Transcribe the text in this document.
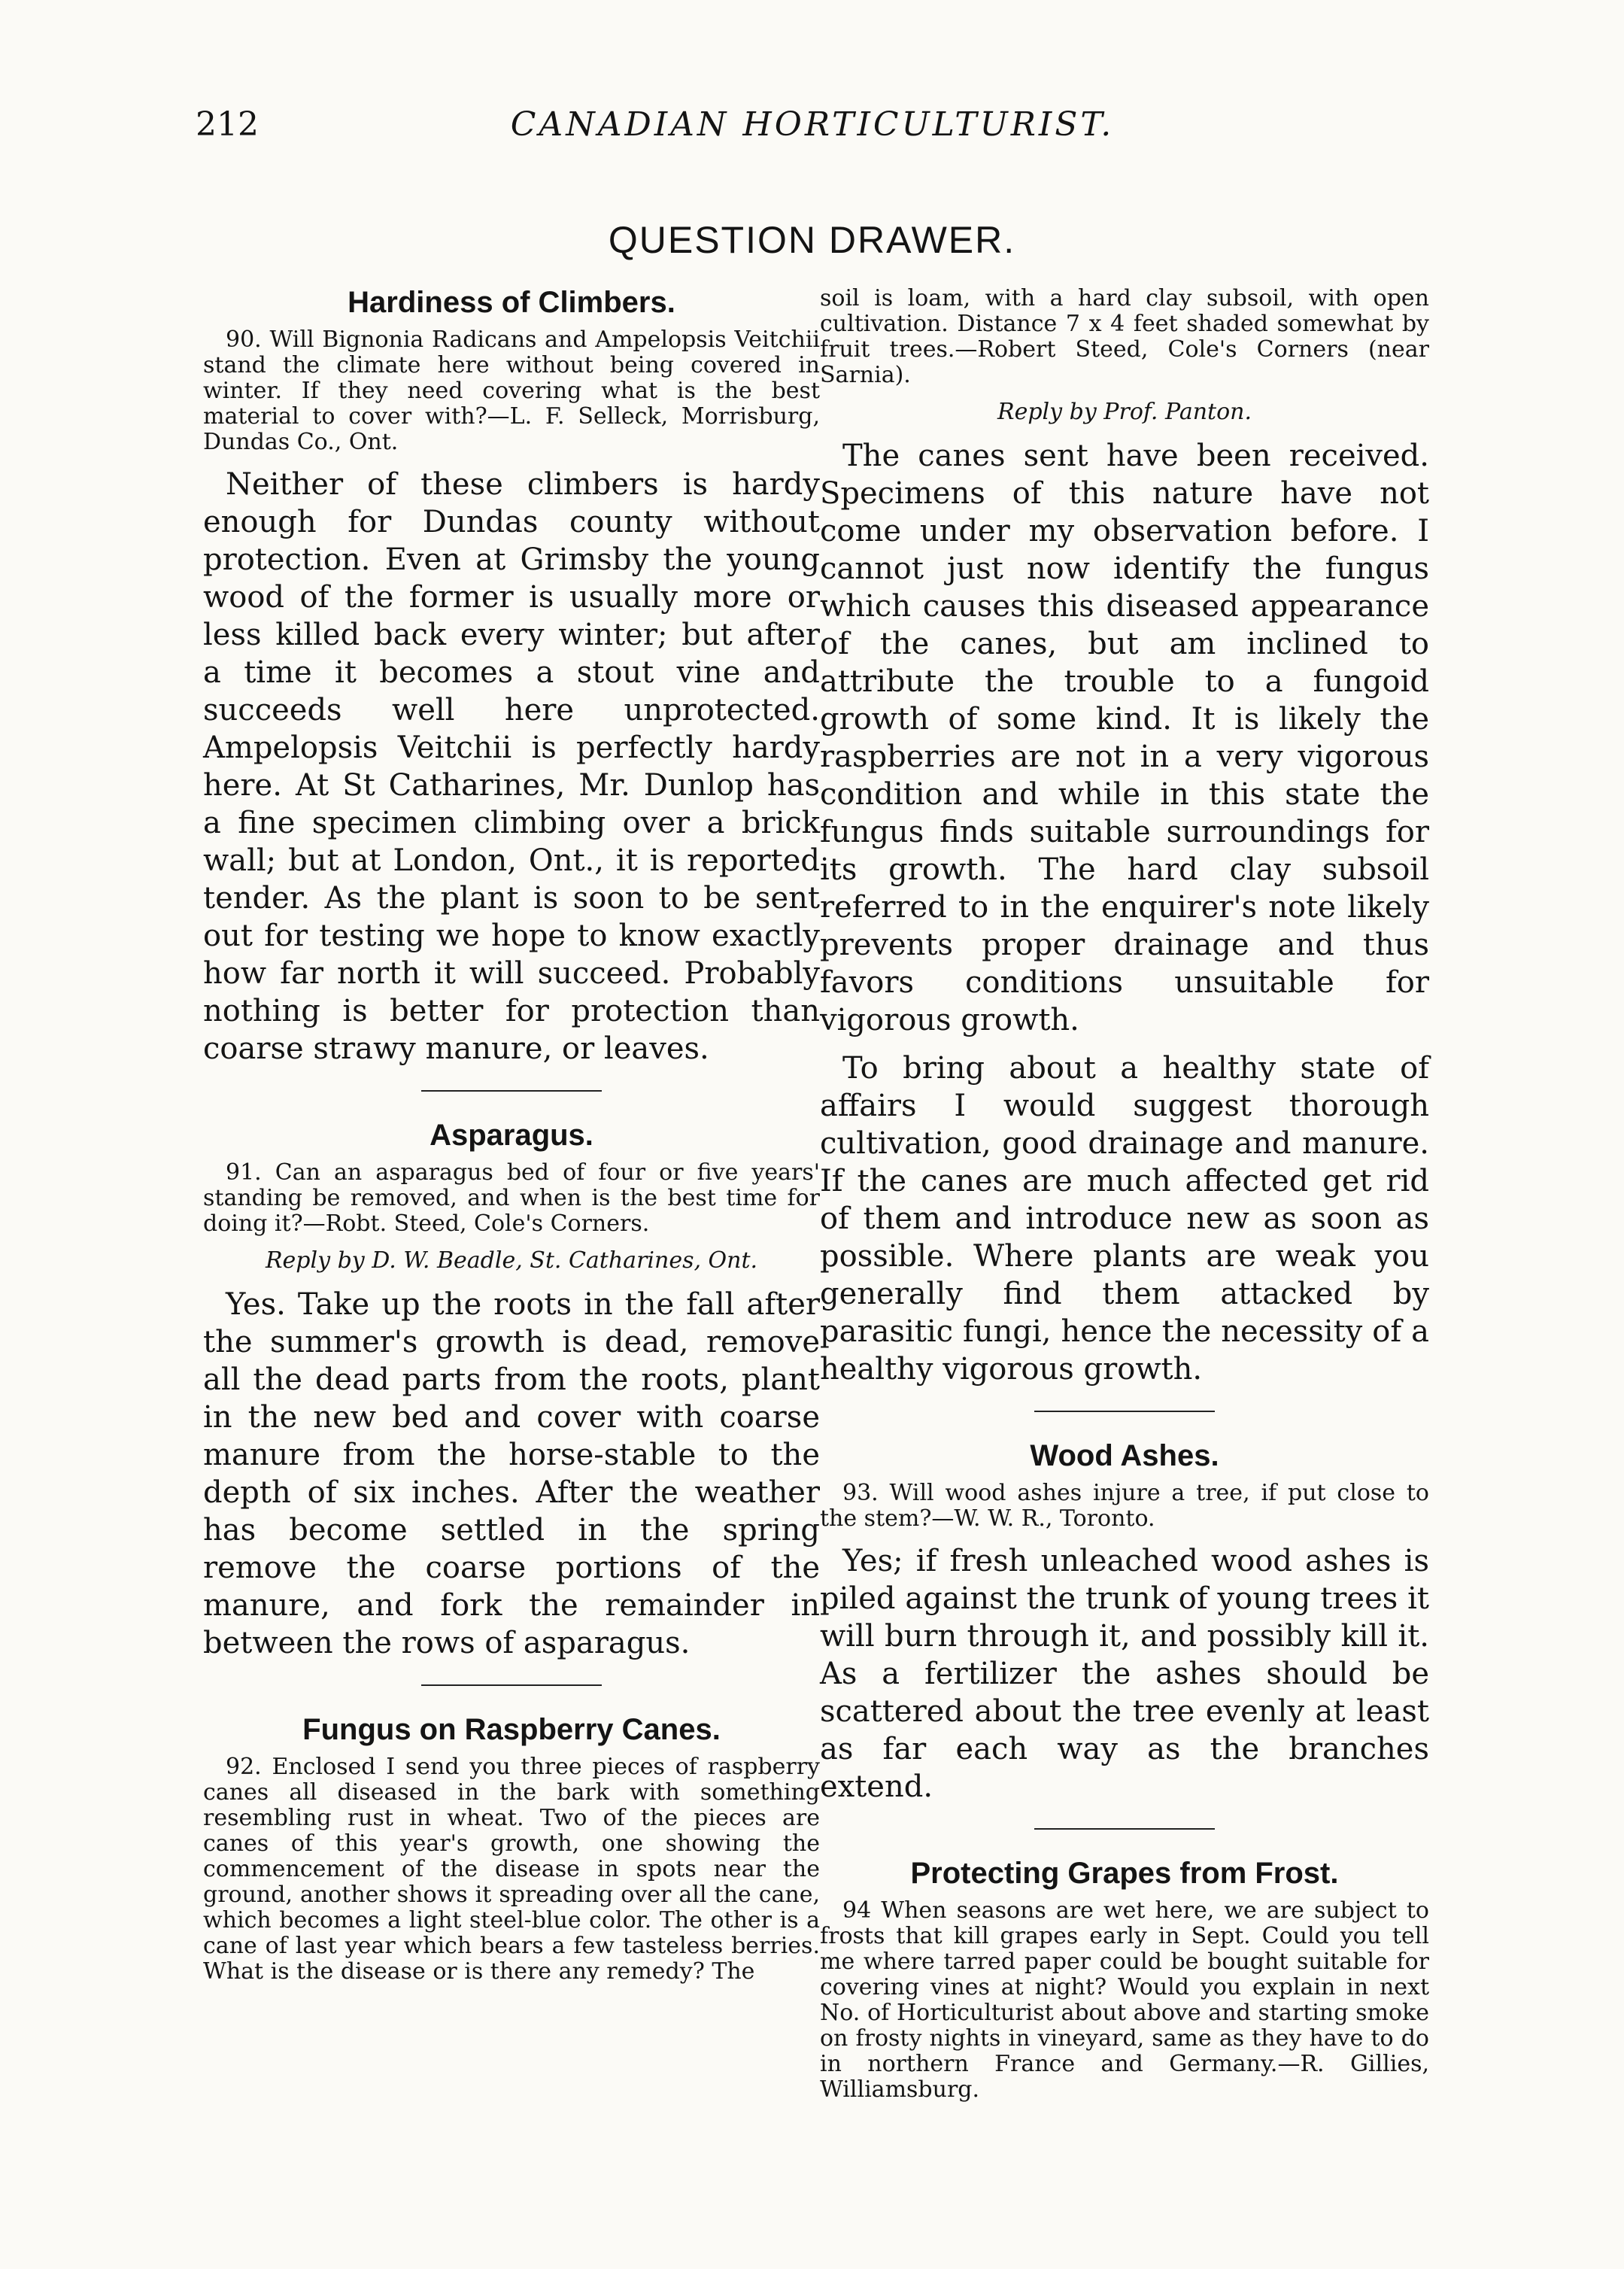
212	CANADIAN HORTICULTURIST.
QUESTION DRAWER.
Hardiness of Climbers.

90. Will Bignonia Radicans and Ampelopsis Veitchii stand the climate here without being covered in winter. If they need covering what is the best material to cover with?—L. F. Selleck, Morrisburg, Dundas Co., Ont.

Neither of these climbers is hardy enough for Dundas county without protection. Even at Grimsby the young wood of the former is usually more or less killed back every winter; but after a time it becomes a stout vine and succeeds well here unprotected. Ampelopsis Veitchii is perfectly hardy here. At St Catharines, Mr. Dunlop has a fine specimen climbing over a brick wall; but at London, Ont., it is reported tender. As the plant is soon to be sent out for testing we hope to know exactly how far north it will succeed. Probably nothing is better for protection than coarse strawy manure, or leaves.

Asparagus.

91. Can an asparagus bed of four or five years' standing be removed, and when is the best time for doing it?—Robt. Steed, Cole's Corners.

Reply by D. W. Beadle, St. Catharines, Ont.

Yes. Take up the roots in the fall after the summer's growth is dead, remove all the dead parts from the roots, plant in the new bed and cover with coarse manure from the horse-stable to the depth of six inches. After the weather has become settled in the spring remove the coarse portions of the manure, and fork the remainder in between the rows of asparagus.

Fungus on Raspberry Canes.

92. Enclosed I send you three pieces of raspberry canes all diseased in the bark with something resembling rust in wheat. Two of the pieces are canes of this year's growth, one showing the commencement of the disease in spots near the ground, another shows it spreading over all the cane, which becomes a light steel-blue color. The other is a cane of last year which bears a few tasteless berries. What is the disease or is there any remedy? The

soil is loam, with a hard clay subsoil, with open cultivation. Distance 7 x 4 feet shaded somewhat by fruit trees.—Robert Steed, Cole's Corners (near Sarnia).

Reply by Prof. Panton.

The canes sent have been received. Specimens of this nature have not come under my observation before. I cannot just now identify the fungus which causes this diseased appearance of the canes, but am inclined to attribute the trouble to a fungoid growth of some kind. It is likely the raspberries are not in a very vigorous condition and while in this state the fungus finds suitable surroundings for its growth. The hard clay subsoil referred to in the enquirer's note likely prevents proper drainage and thus favors conditions unsuitable for vigorous growth.

To bring about a healthy state of affairs I would suggest thorough cultivation, good drainage and manure. If the canes are much affected get rid of them and introduce new as soon as possible. Where plants are weak you generally find them attacked by parasitic fungi, hence the necessity of a healthy vigorous growth.

Wood Ashes.

93. Will wood ashes injure a tree, if put close to the stem?—W. W. R., Toronto.

Yes; if fresh unleached wood ashes is piled against the trunk of young trees it will burn through it, and possibly kill it. As a fertilizer the ashes should be scattered about the tree evenly at least as far each way as the branches extend.

Protecting Grapes from Frost.

94 When seasons are wet here, we are subject to frosts that kill grapes early in Sept. Could you tell me where tarred paper could be bought suitable for covering vines at night? Would you explain in next No. of Horticulturist about above and starting smoke on frosty nights in vineyard, same as they have to do in northern France and Germany.—R. Gillies, Williamsburg.
